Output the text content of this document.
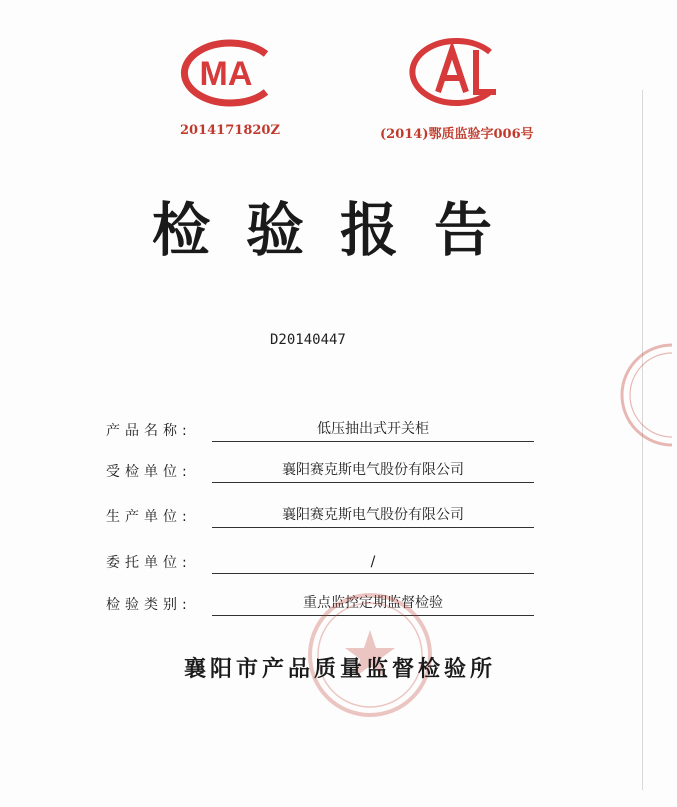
MA
2014171820Z	(2014)鄂质监验字006号
检验报告
D20140447
产品名称:	低压抽出式开关柜
受检单位:	襄阳赛克斯电气股份有限公司
生产单位:	襄阳赛克斯电气股份有限公司
委托单位:	/
检验类别:	重点监控定期监督检验
襄阳市产品质量监督检验所
